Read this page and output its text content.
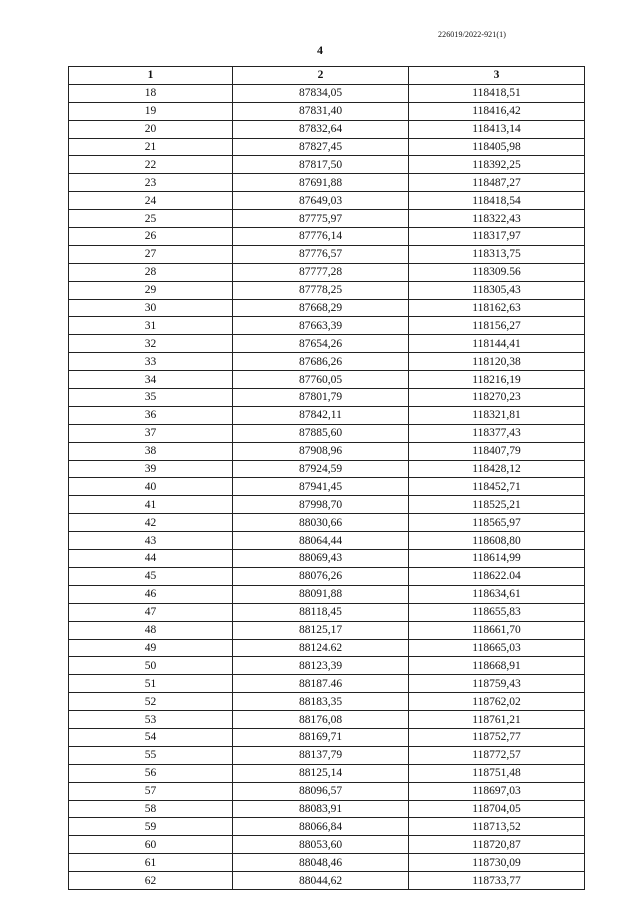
226019/2022-921(1)
4
1	2	3
18	87834,05	118418,51
19	87831,40	118416,42
20	87832,64	118413,14
21	87827,45	118405,98
22	87817,50	118392,25
23	87691,88	118487,27
24	87649,03	118418,54
25	87775,97	118322,43
26	87776,14	118317,97
27	87776,57	118313,75
28	87777,28	118309.56
29	87778,25	118305,43
30	87668,29	118162,63
31	87663,39	118156,27
32	87654,26	118144,41
33	87686,26	118120,38
34	87760,05	118216,19
35	87801,79	118270,23
36	87842,11	118321,81
37	87885,60	118377,43
38	87908,96	118407,79
39	87924,59	118428,12
40	87941,45	118452,71
41	87998,70	118525,21
42	88030,66	118565,97
43	88064,44	118608,80
44	88069,43	118614,99
45	88076,26	118622.04
46	88091,88	118634,61
47	88118,45	118655,83
48	88125,17	118661,70
49	88124.62	118665,03
50	88123,39	118668,91
51	88187.46	118759,43
52	88183,35	118762,02
53	88176,08	118761,21
54	88169,71	118752,77
55	88137,79	118772,57
56	88125,14	118751,48
57	88096,57	118697,03
58	88083,91	118704,05
59	88066,84	118713,52
60	88053,60	118720,87
61	88048,46	118730,09
62	88044,62	118733,77
